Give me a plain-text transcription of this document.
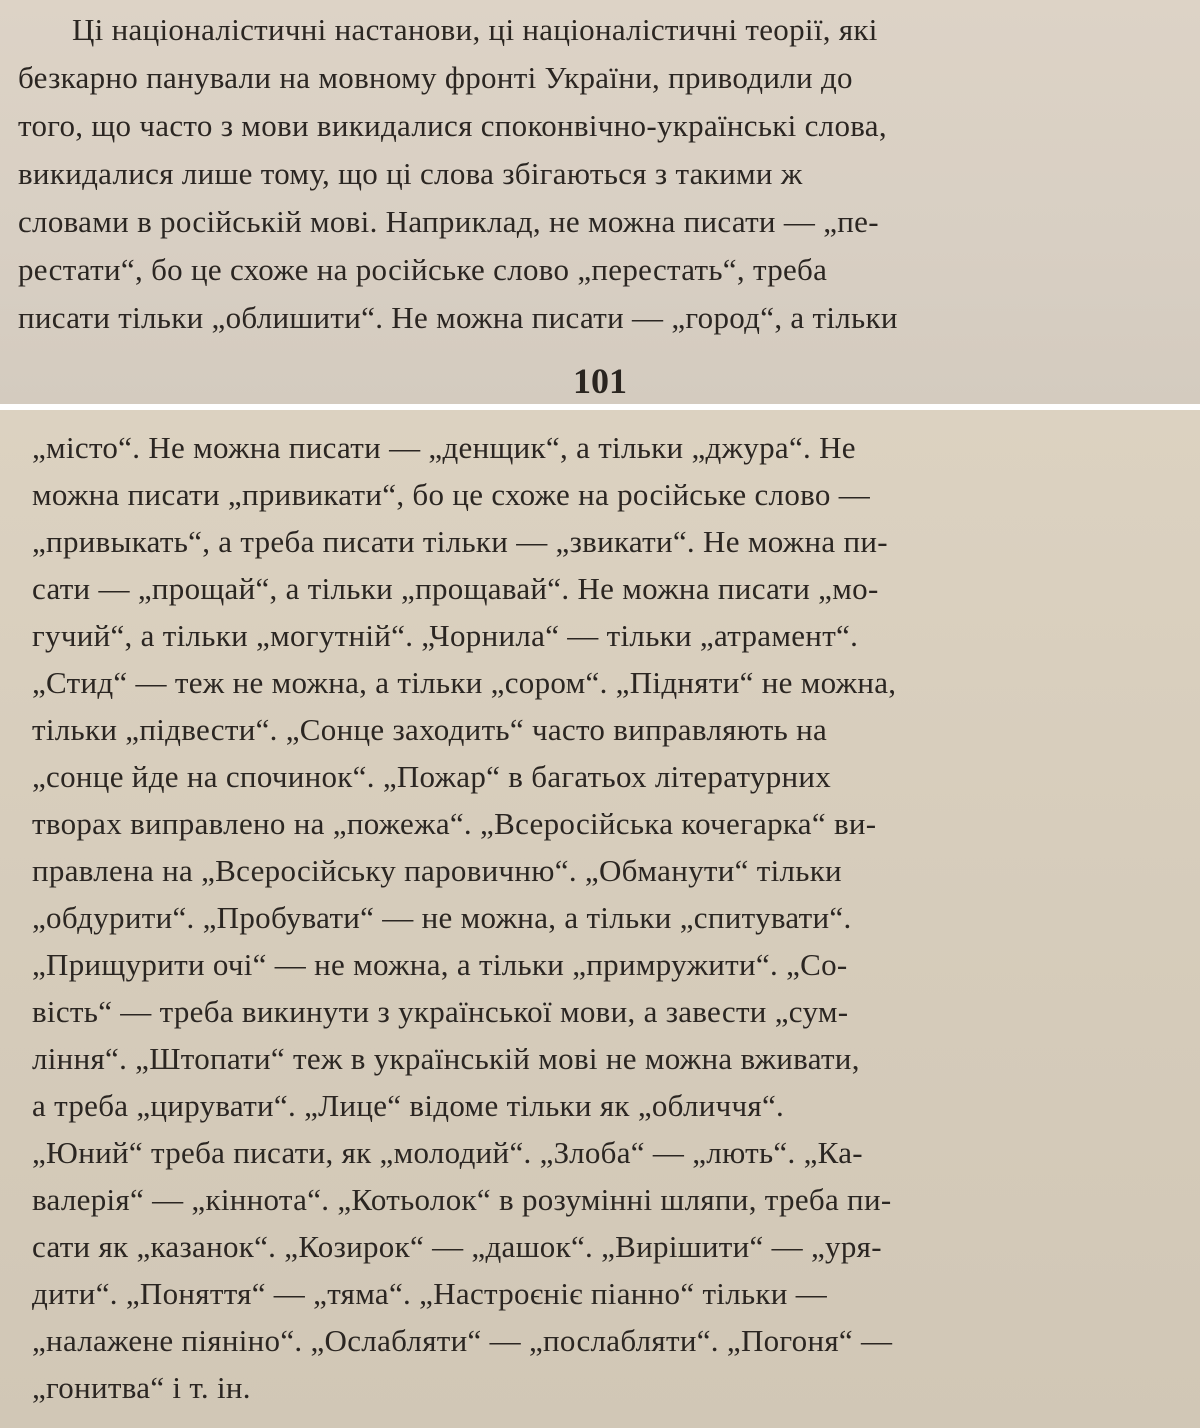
Ці націоналістичні настанови, ці націоналістичні теорії, які
безкарно панували на мовному фронті України, приводили до
того, що часто з мови викидалися споконвічно-українські слова,
викидалися лише тому, що ці слова збігаються з такими ж
словами в російській мові. Наприклад, не можна писати — „пе-
рестати“, бо це схоже на російське слово „перестать“, треба
писати тільки „облишити“. Не можна писати — „город“, а тільки
101
„місто“. Не можна писати — „денщик“, а тільки „джура“. Не
можна писати „привикати“, бо це схоже на російське слово —
„привыкать“, а треба писати тільки — „звикати“. Не можна пи-
сати — „прощай“, а тільки „прощавай“. Не можна писати „мо-
гучий“, а тільки „могутній“. „Чорнила“ — тільки „атрамент“.
„Стид“ — теж не можна, а тільки „сором“. „Підняти“ не можна,
тільки „підвести“. „Сонце заходить“ часто виправляють на
„сонце йде на спочинок“. „Пожар“ в багатьох літературних
творах виправлено на „пожежа“. „Всеросійська кочегарка“ ви-
правлена на „Всеросійську паровичню“. „Обманути“ тільки
„обдурити“. „Пробувати“ — не можна, а тільки „спитувати“.
„Прищурити очі“ — не можна, а тільки „примружити“. „Со-
вість“ — треба викинути з української мови, а завести „сум-
ління“. „Штопати“ теж в українській мові не можна вживати,
а треба „цирувати“. „Лице“ відоме тільки як „обличчя“.
„Юний“ треба писати, як „молодий“. „Злоба“ — „лють“. „Ка-
валерія“ — „кіннота“. „Котьолок“ в розумінні шляпи, треба пи-
сати як „казанок“. „Козирок“ — „дашок“. „Вирішити“ — „уря-
дити“. „Поняття“ — „тяма“. „Настроєніє піанно“ тільки —
„налажене піяніно“. „Ослабляти“ — „послабляти“. „Погоня“ —
„гонитва“ і т. ін.
